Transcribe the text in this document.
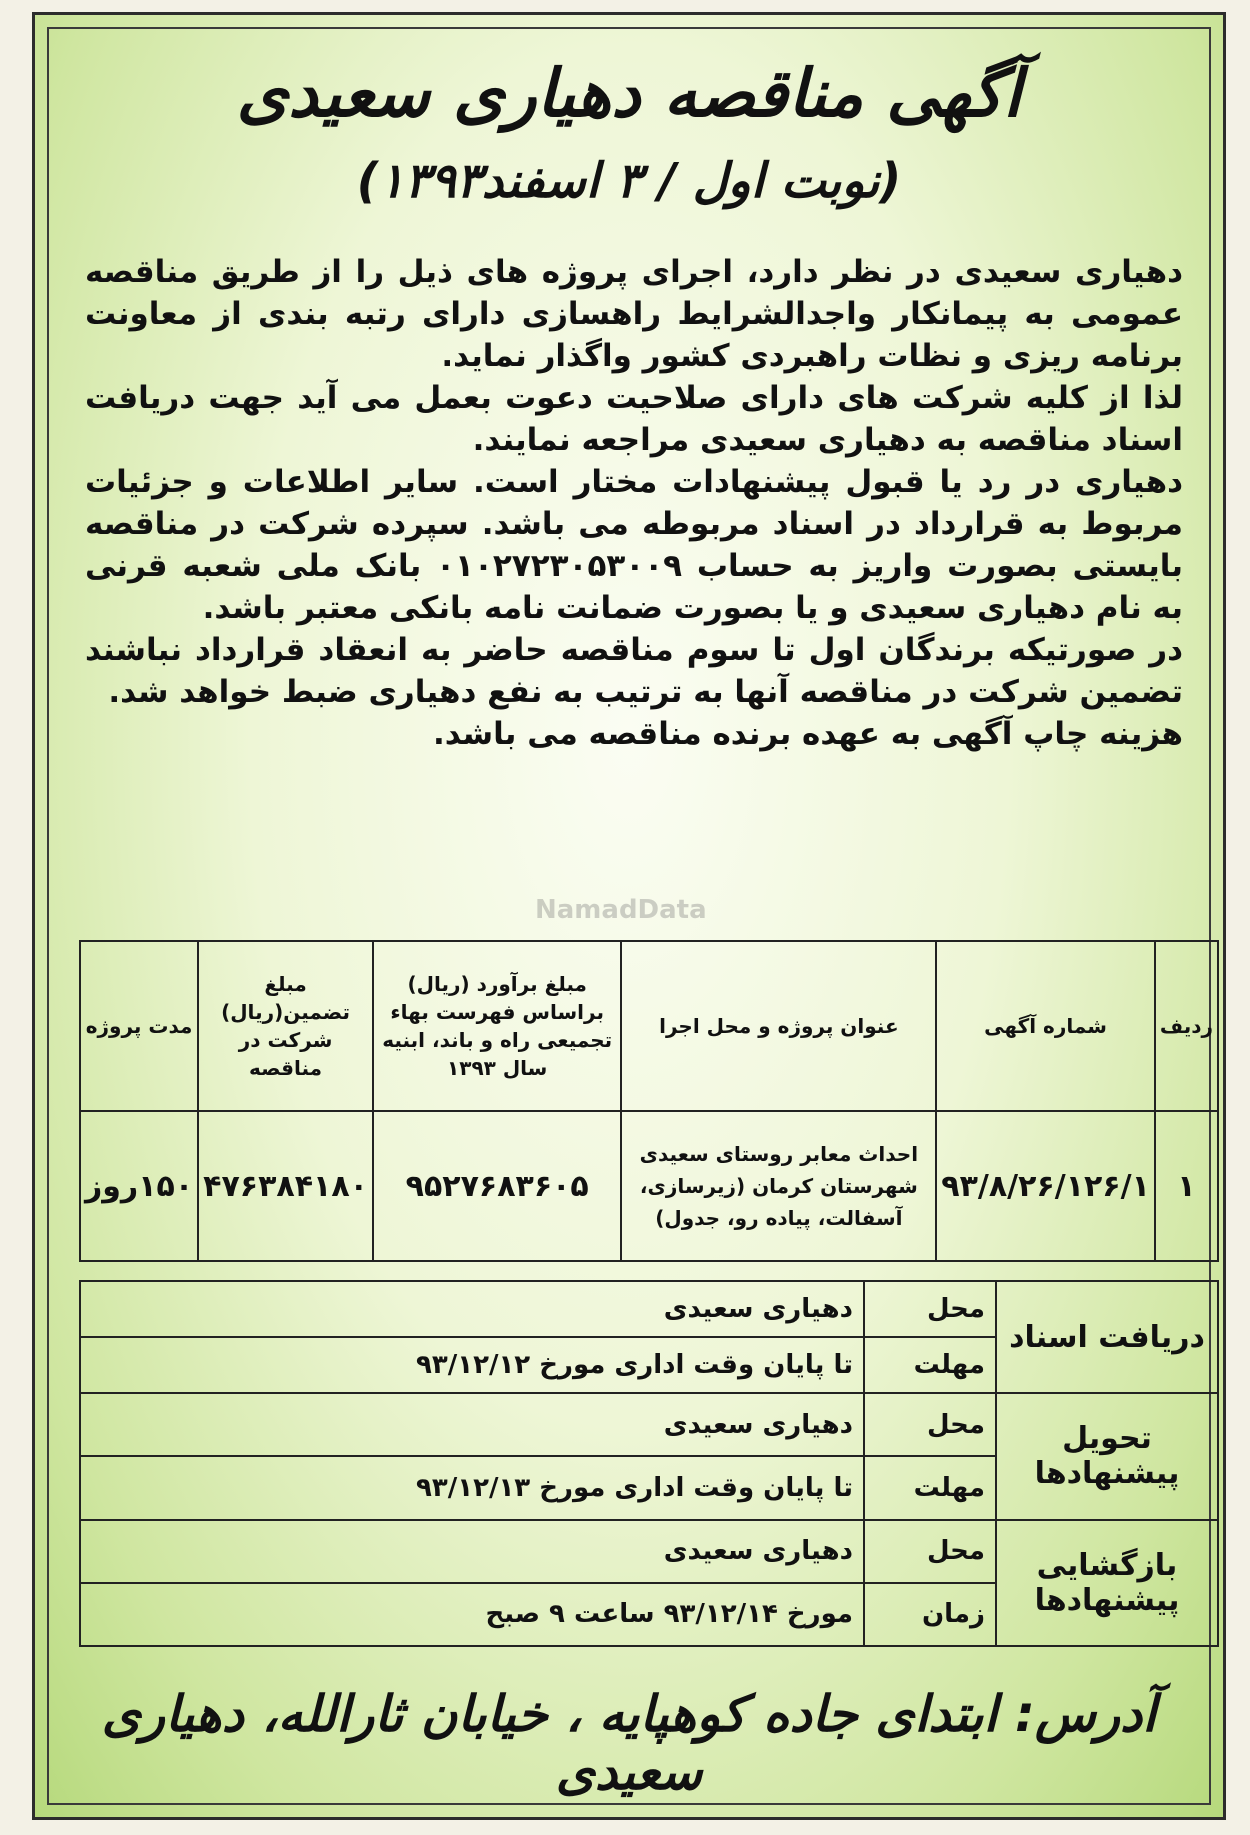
آگهی مناقصه دهیاری سعیدی
(نوبت اول / ۳ اسفند۱۳۹۳)

دهیاری سعیدی در نظر دارد، اجرای پروژه های ذیل را از طریق مناقصه عمومی به پیمانکار واجدالشرایط راهسازی دارای رتبه بندی از معاونت برنامه ریزی و نظات راهبردی کشور واگذار نماید.

لذا از کلیه شرکت های دارای صلاحیت دعوت بعمل می آید جهت دریافت اسناد مناقصه به دهیاری سعیدی مراجعه نمایند.

دهیاری در رد یا قبول پیشنهادات مختار است. سایر اطلاعات و جزئیات مربوط به قرارداد در اسناد مربوطه می باشد. سپرده شرکت در مناقصه بایستی بصورت واریز به حساب ۰۱۰۲۷۲۳۰۵۳۰۰۹ بانک ملی شعبه قرنی به نام دهیاری سعیدی و یا بصورت ضمانت نامه بانکی معتبر باشد.

در صورتیکه برندگان اول تا سوم مناقصه حاضر به انعقاد قرارداد نباشند تضمین شرکت در مناقصه آنها به ترتیب به نفع دهیاری ضبط خواهد شد.

هزینه چاپ آگهی به عهده برنده مناقصه می باشد.

NamadData
ردیف	شماره آگهی	عنوان پروژه و محل اجرا	مبلغ برآورد (ریال) براساس فهرست بهاء تجمیعی راه و باند، ابنیه سال ۱۳۹۳	مبلغ تضمین(ریال) شرکت در مناقصه	مدت پروژه
۱	۹۳/۸/۲۶/۱۲۶/۱	احداث معابر روستای سعیدی شهرستان کرمان (زیرسازی، آسفالت، پیاده رو، جدول)	۹۵۲۷۶۸۳۶۰۵	۴۷۶۳۸۴۱۸۰	۱۵۰روز
دریافت اسناد	محل	دهیاری سعیدی
	مهلت	تا پایان وقت اداری مورخ ۹۳/۱۲/۱۲
تحویل پیشنهادها	محل	دهیاری سعیدی
	مهلت	تا پایان وقت اداری مورخ ۹۳/۱۲/۱۳
بازگشایی پیشنهادها	محل	دهیاری سعیدی
	زمان	مورخ ۹۳/۱۲/۱۴ ساعت ۹ صبح
آدرس: ابتدای جاده کوهپایه ، خیابان ثارالله، دهیاری سعیدی
